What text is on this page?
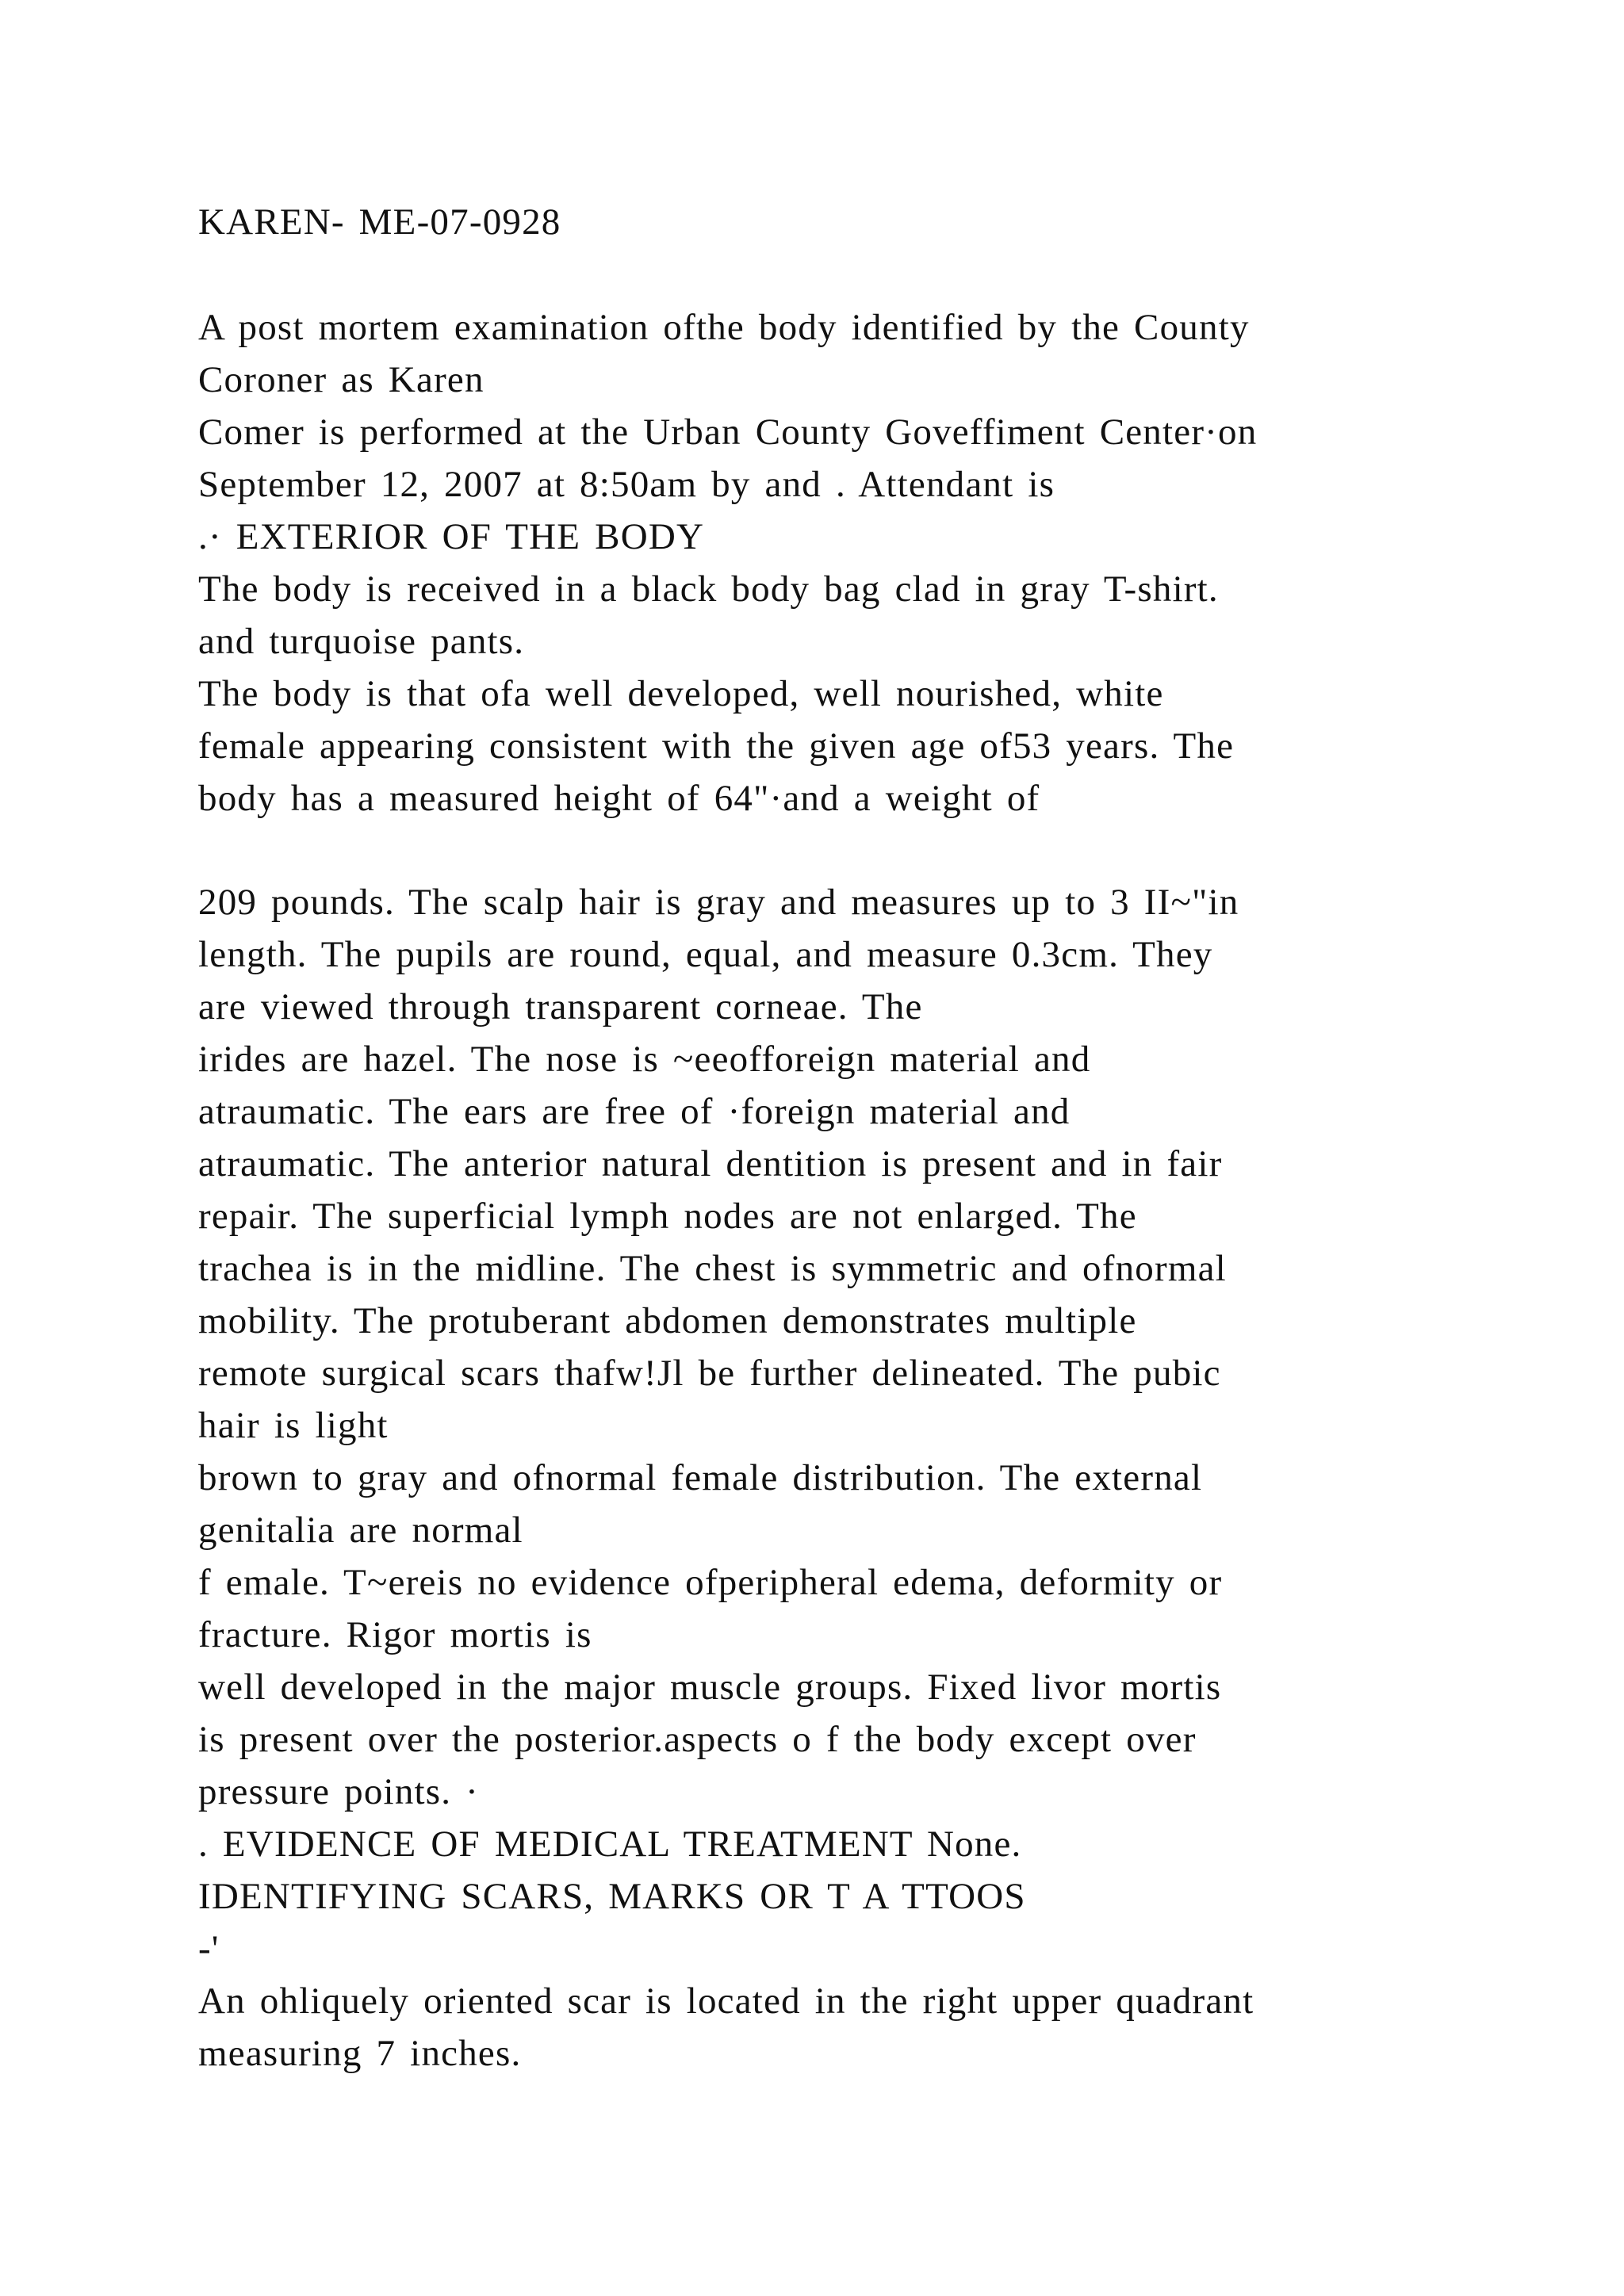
KAREN- ME-07-0928
A post mortem examination ofthe body identified by the County
Coroner as Karen
Comer is performed at the Urban County Goveffiment Center·on
September 12, 2007 at 8:50am by and . Attendant is
.· EXTERIOR OF THE BODY
The body is received in a black body bag clad in gray T-shirt.
and turquoise pants.
The body is that ofa well developed, well nourished, white
female appearing consistent with the given age of53 years. The
body has a measured height of 64"·and a weight of
209 pounds. The scalp hair is gray and measures up to 3 II~"in
length. The pupils are round, equal, and measure 0.3cm. They
are viewed through transparent corneae. The
irides are hazel. The nose is ~eeofforeign material and
atraumatic. The ears are free of ·foreign material and
atraumatic. The anterior natural dentition is present and in fair
repair. The superficial lymph nodes are not enlarged. The
trachea is in the midline. The chest is symmetric and ofnormal
mobility. The protuberant abdomen demonstrates multiple
remote surgical scars thafw!Jl be further delineated. The pubic
hair is light
brown to gray and ofnormal female distribution. The external
genitalia are normal
f emale. T~ereis no evidence ofperipheral edema, deformity or
fracture. Rigor mortis is
well developed in the major muscle groups. Fixed livor mortis
is present over the posterior.aspects o f the body except over
pressure points. ·
. EVIDENCE OF MEDICAL TREATMENT None.
IDENTIFYING SCARS, MARKS OR T A TTOOS
-'
An ohliquely oriented scar is located in the right upper quadrant
measuring 7 inches.
